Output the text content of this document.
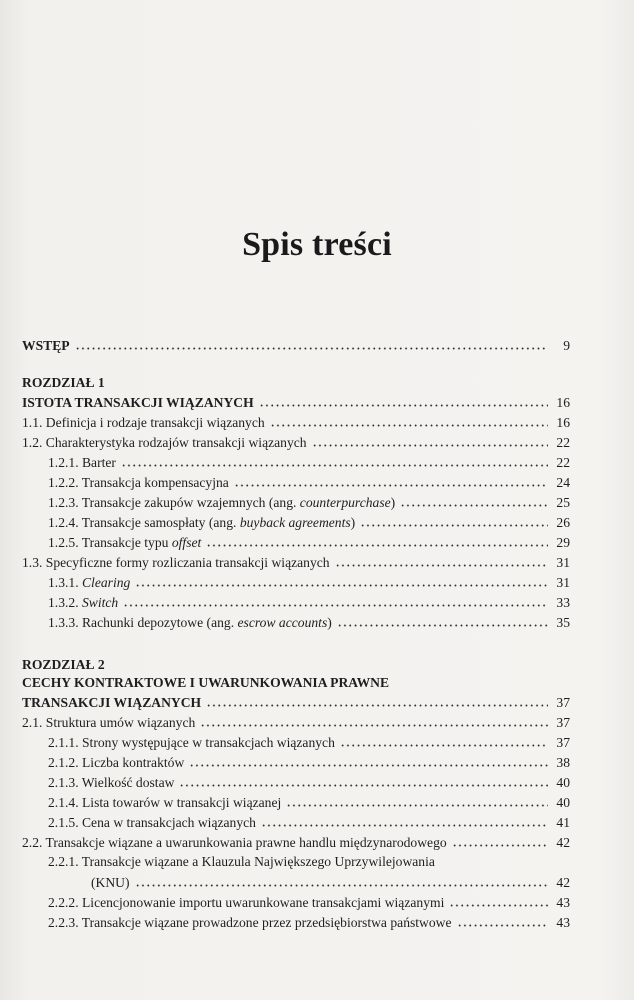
Spis treści
WSTĘP	9
ROZDZIAŁ 1
ISTOTA TRANSAKCJI WIĄZANYCH	16
1.1. Definicja i rodzaje transakcji wiązanych	16
1.2. Charakterystyka rodzajów transakcji wiązanych	22
1.2.1. Barter	22
1.2.2. Transakcja kompensacyjna	24
1.2.3. Transakcje zakupów wzajemnych (ang. counterpurchase)	25
1.2.4. Transakcje samospłaty (ang. buyback agreements)	26
1.2.5. Transakcje typu offset	29
1.3. Specyficzne formy rozliczania transakcji wiązanych	31
1.3.1. Clearing	31
1.3.2. Switch	33
1.3.3. Rachunki depozytowe (ang. escrow accounts)	35
ROZDZIAŁ 2
CECHY KONTRAKTOWE I UWARUNKOWANIA PRAWNE
TRANSAKCJI WIĄZANYCH	37
2.1. Struktura umów wiązanych	37
2.1.1. Strony występujące w transakcjach wiązanych	37
2.1.2. Liczba kontraktów	38
2.1.3. Wielkość dostaw	40
2.1.4. Lista towarów w transakcji wiązanej	40
2.1.5. Cena w transakcjach wiązanych	41
2.2. Transakcje wiązane a uwarunkowania prawne handlu międzynarodowego	42
2.2.1. Transakcje wiązane a Klauzula Największego Uprzywilejowania
(KNU)	42
2.2.2. Licencjonowanie importu uwarunkowane transakcjami wiązanymi	43
2.2.3. Transakcje wiązane prowadzone przez przedsiębiorstwa państwowe	43
